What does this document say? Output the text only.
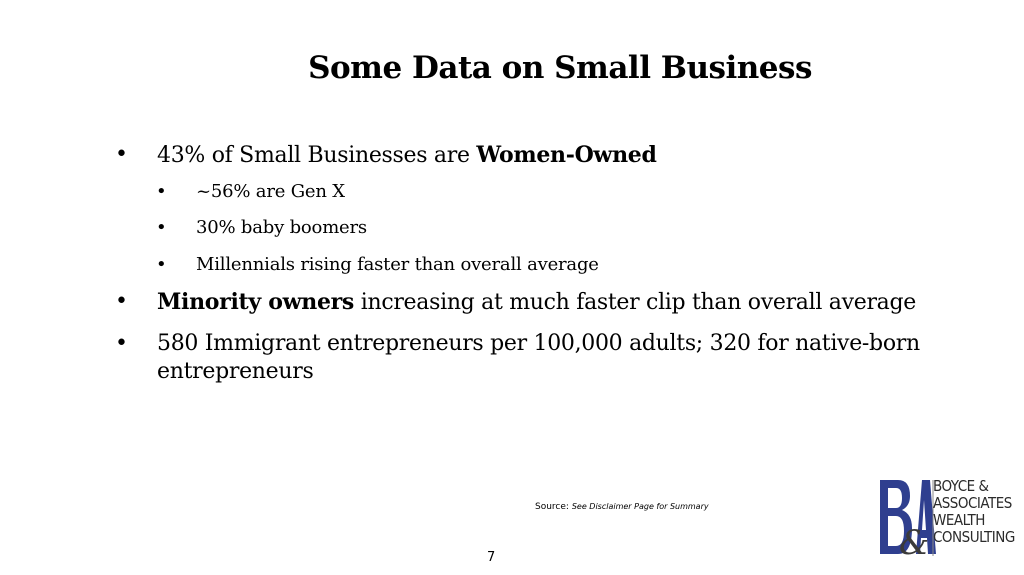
Some Data on Small Business
• 43% of Small Businesses are Women-Owned
• ~56% are Gen X
• 30% baby boomers
• Millennials rising faster than overall average
• Minority owners increasing at much faster clip than overall average
• 580 Immigrant entrepreneurs per 100,000 adults; 320 for native-born
entrepreneurs
Source: See Disclaimer Page for Summary
7	&
BOYCE &
ASSOCIATES
WEALTH
CONSULTING
